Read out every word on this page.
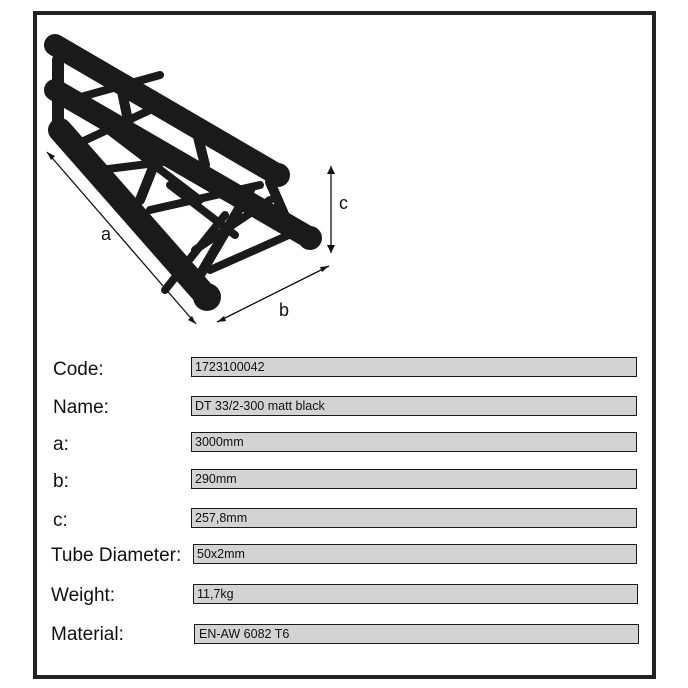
a
b
c
Code:	1723100042
Name:	DT 33/2-300 matt black
a:	3000mm
b:	290mm
c:	257,8mm
Tube Diameter:	50x2mm
Weight:	11,7kg
Material:	EN-AW 6082 T6
